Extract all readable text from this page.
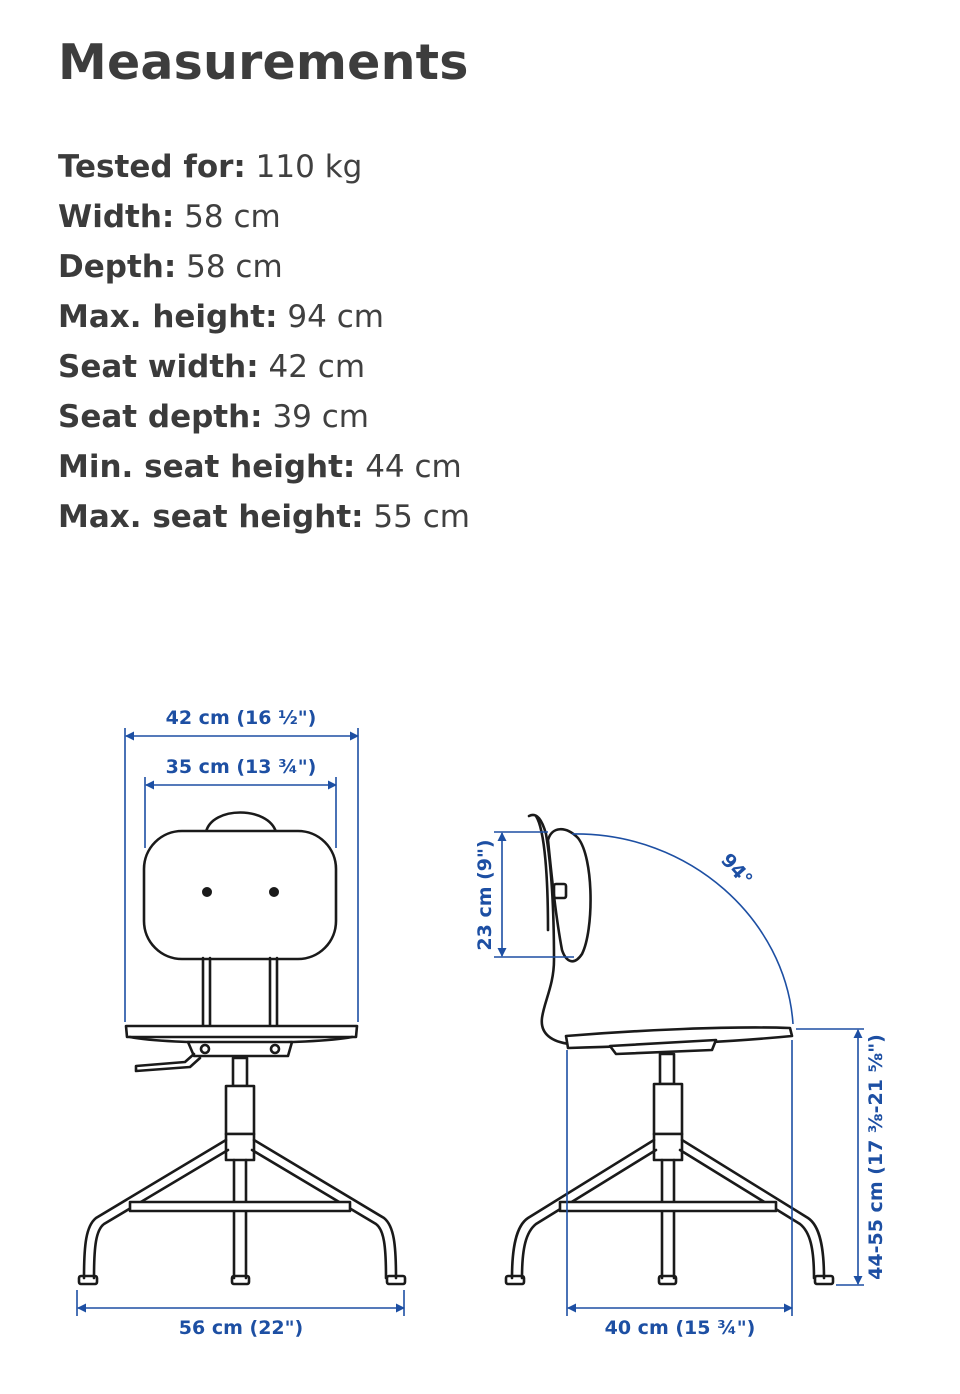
Measurements
Tested for: 110 kg
Width: 58 cm
Depth: 58 cm
Max. height: 94 cm
Seat width: 42 cm
Seat depth: 39 cm
Min. seat height: 44 cm
Max. seat height: 55 cm
42 cm (16 ½")
35 cm (13 ¾")
56 cm (22")
23 cm (9")	94°
44-55 cm (17 ⅜-21 ⅝")
40 cm (15 ¾")
